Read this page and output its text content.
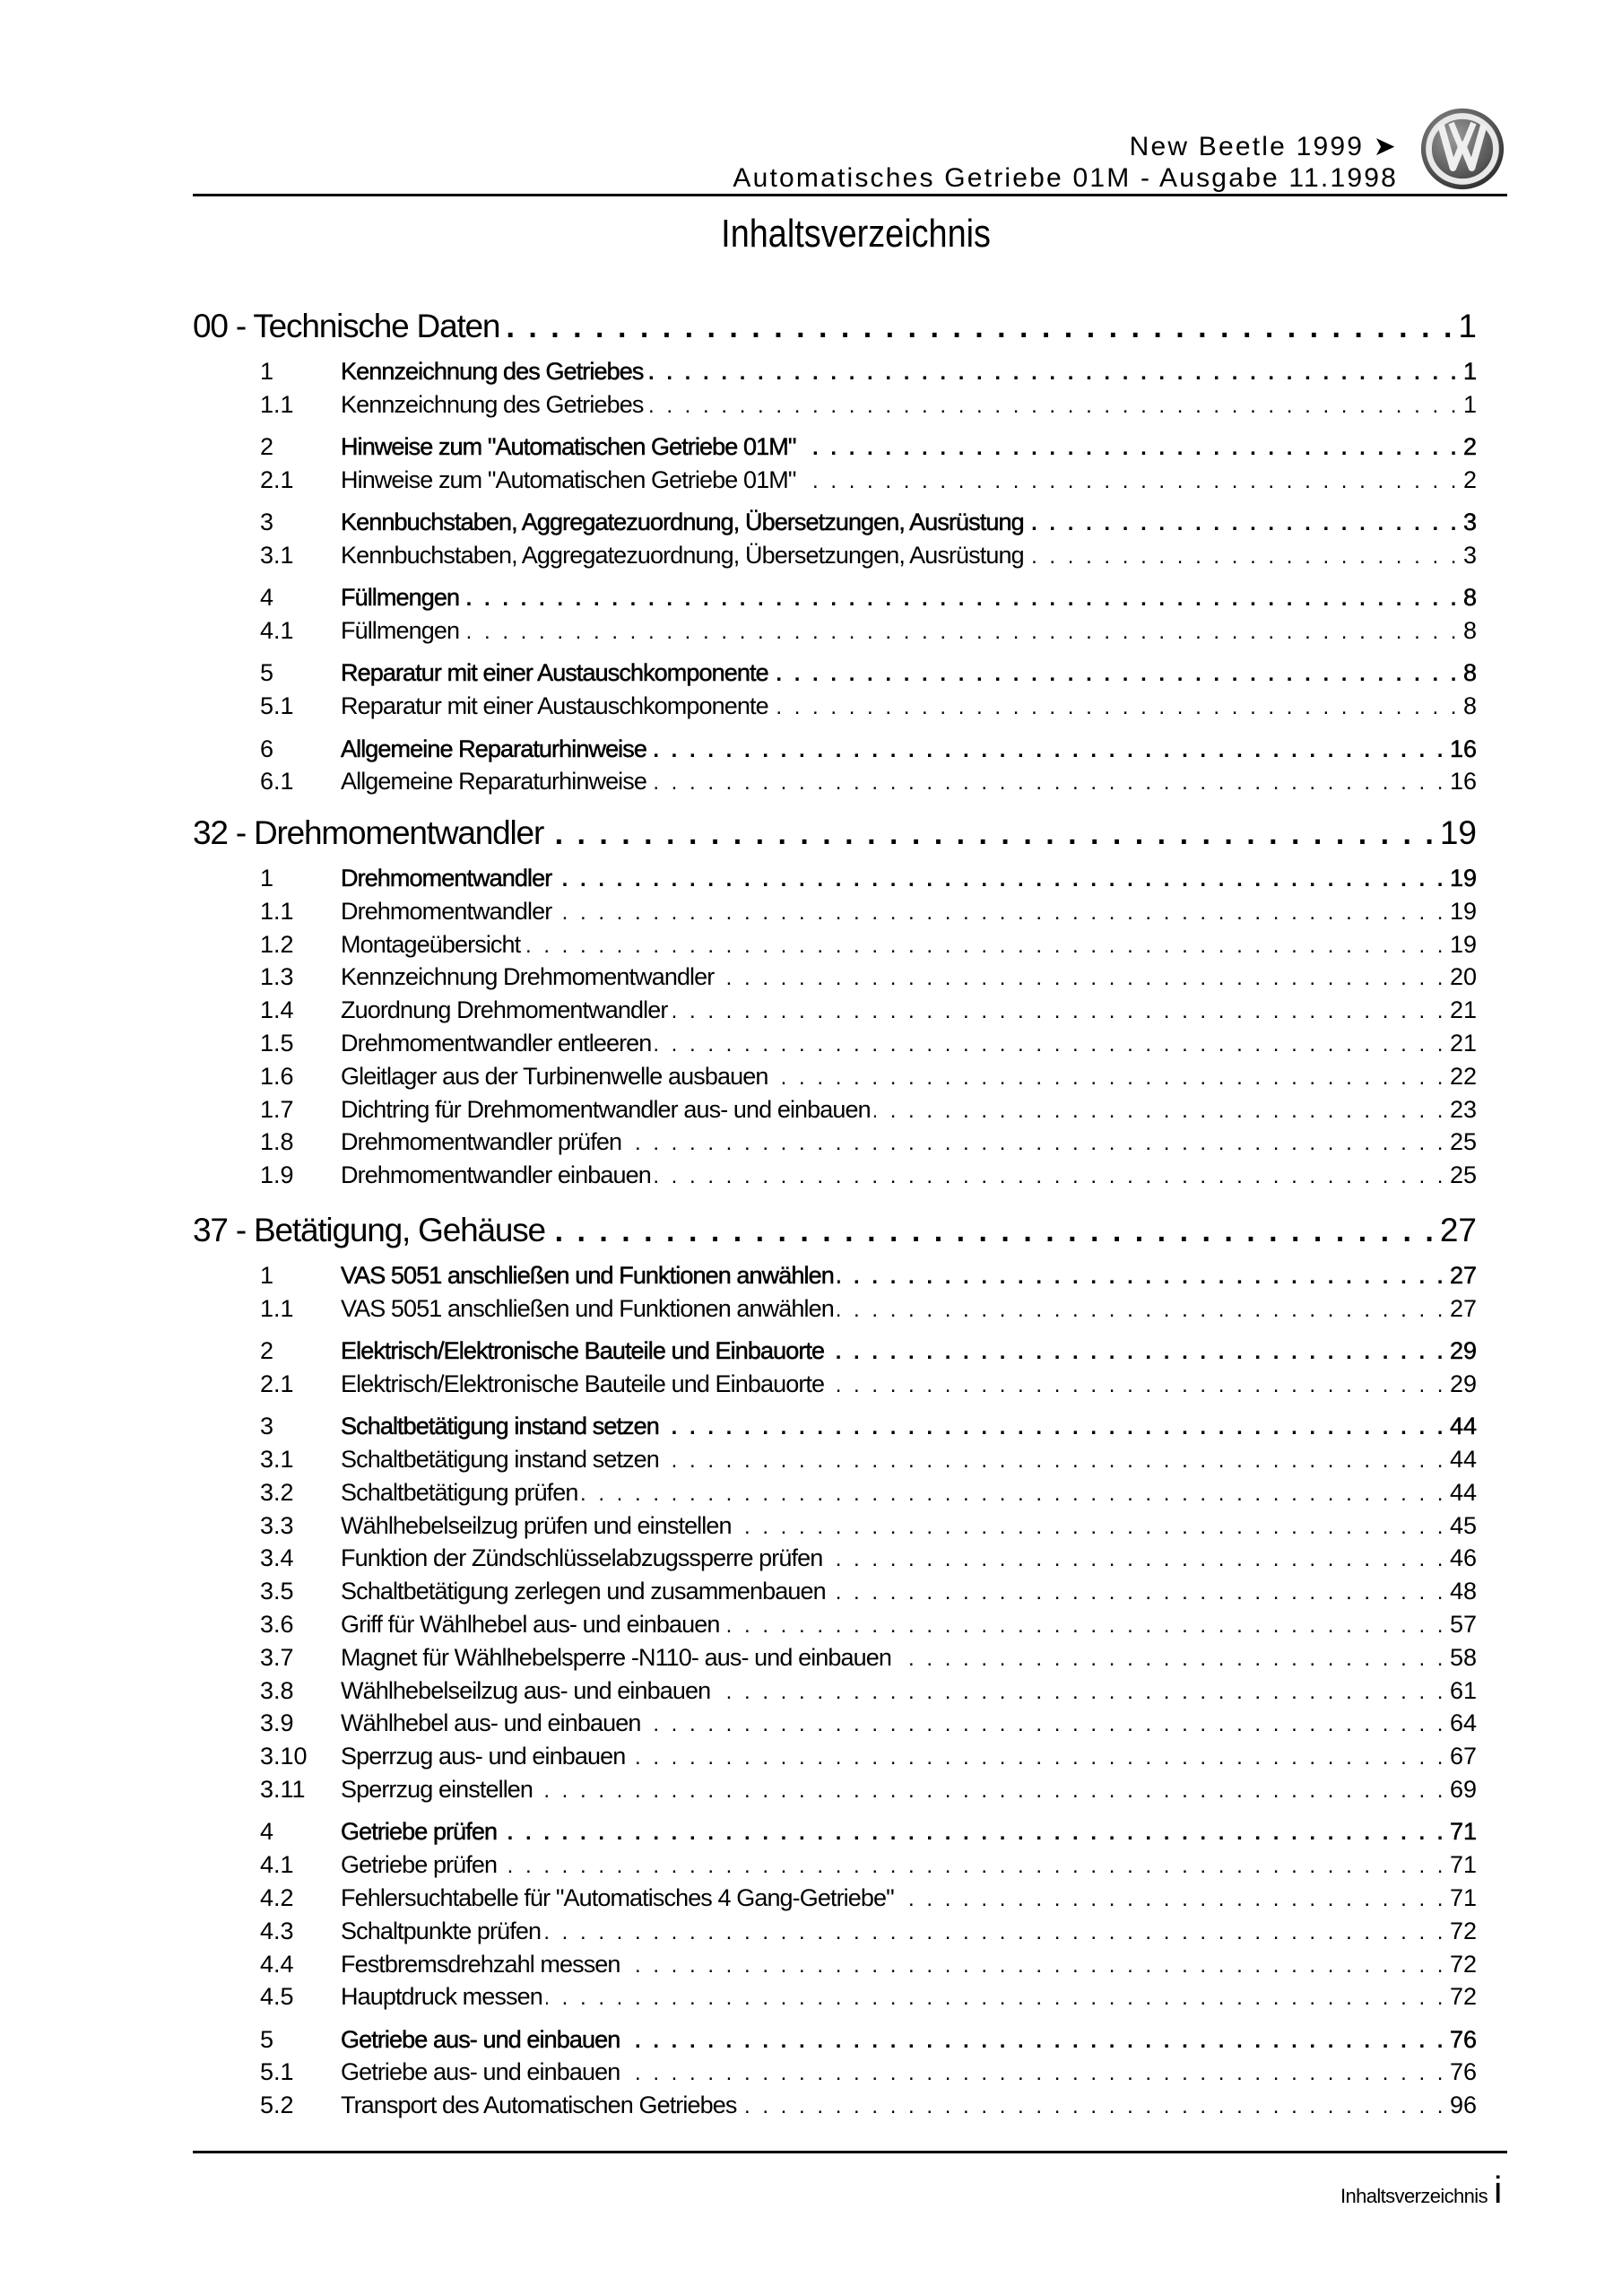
New Beetle 1999 ➤
Automatisches Getriebe 01M - Ausgabe 11.1998
Inhaltsverzeichnis
00 - Technische Daten . . .	1
1	Kennzeichnung des Getriebes . . .	1
1.1	Kennzeichnung des Getriebes . . .	1
2	Hinweise zum "Automatischen Getriebe 01M" . . .	2
2.1	Hinweise zum "Automatischen Getriebe 01M" . . .	2
3	Kennbuchstaben, Aggregatezuordnung, Übersetzungen, Ausrüstung . . .	3
3.1	Kennbuchstaben, Aggregatezuordnung, Übersetzungen, Ausrüstung . . .	3
4	Füllmengen . . .	8
4.1	Füllmengen . . .	8
5	Reparatur mit einer Austauschkomponente . . .	8
5.1	Reparatur mit einer Austauschkomponente . . .	8
6	Allgemeine Reparaturhinweise . . .	16
6.1	Allgemeine Reparaturhinweise . . .	16
32 - Drehmomentwandler . . .	19
1	Drehmomentwandler . . .	19
1.1	Drehmomentwandler . . .	19
1.2	Montageübersicht . . .	19
1.3	Kennzeichnung Drehmomentwandler . . .	20
1.4	Zuordnung Drehmomentwandler . . .	21
1.5	Drehmomentwandler entleeren . . .	21
1.6	Gleitlager aus der Turbinenwelle ausbauen . . .	22
1.7	Dichtring für Drehmomentwandler aus- und einbauen . . .	23
1.8	Drehmomentwandler prüfen . . .	25
1.9	Drehmomentwandler einbauen . . .	25
37 - Betätigung, Gehäuse . . .	27
1	VAS 5051 anschließen und Funktionen anwählen . . .	27
1.1	VAS 5051 anschließen und Funktionen anwählen . . .	27
2	Elektrisch/Elektronische Bauteile und Einbauorte . . .	29
2.1	Elektrisch/Elektronische Bauteile und Einbauorte . . .	29
3	Schaltbetätigung instand setzen . . .	44
3.1	Schaltbetätigung instand setzen . . .	44
3.2	Schaltbetätigung prüfen . . .	44
3.3	Wählhebelseilzug prüfen und einstellen . . .	45
3.4	Funktion der Zündschlüsselabzugssperre prüfen . . .	46
3.5	Schaltbetätigung zerlegen und zusammenbauen . . .	48
3.6	Griff für Wählhebel aus- und einbauen . . .	57
3.7	Magnet für Wählhebelsperre -N110- aus- und einbauen . . .	58
3.8	Wählhebelseilzug aus- und einbauen . . .	61
3.9	Wählhebel aus- und einbauen . . .	64
3.10	Sperrzug aus- und einbauen . . .	67
3.11	Sperrzug einstellen . . .	69
4	Getriebe prüfen . . .	71
4.1	Getriebe prüfen . . .	71
4.2	Fehlersuchtabelle für "Automatisches 4 Gang-Getriebe" . . .	71
4.3	Schaltpunkte prüfen . . .	72
4.4	Festbremsdrehzahl messen . . .	72
4.5	Hauptdruck messen . . .	72
5	Getriebe aus- und einbauen . . .	76
5.1	Getriebe aus- und einbauen . . .	76
5.2	Transport des Automatischen Getriebes . . .	96
Inhaltsverzeichnis i
